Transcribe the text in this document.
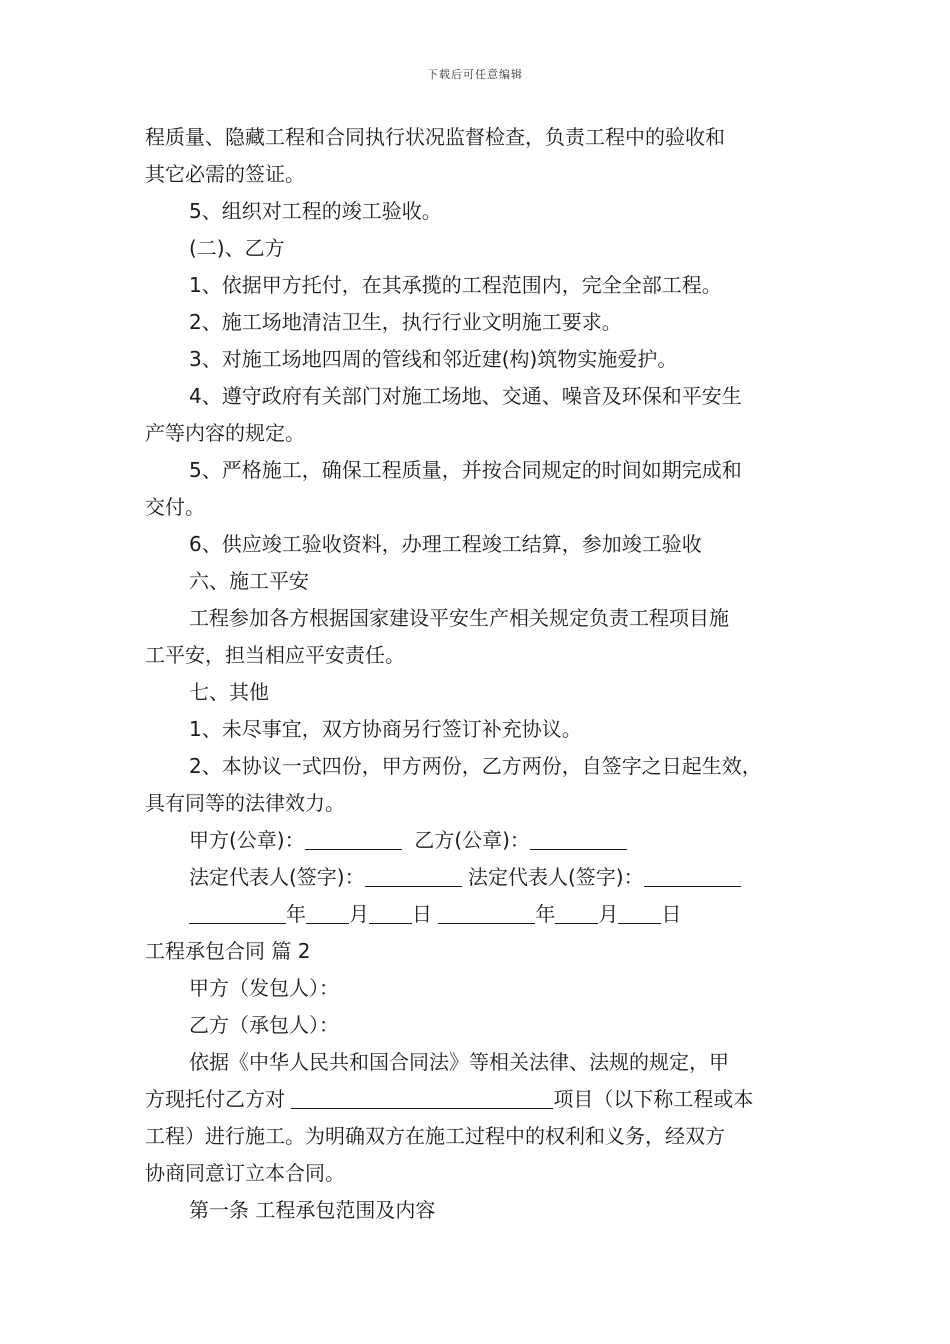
下载后可任意编辑

程质量、隐藏工程和合同执行状况监督检查，负责工程中的验收和

其它必需的签证。

5、组织对工程的竣工验收。

(二)、乙方

1、依据甲方托付，在其承揽的工程范围内，完全全部工程。

2、施工场地清洁卫生，执行行业文明施工要求。

3、对施工场地四周的管线和邻近建(构)筑物实施爱护。

4、遵守政府有关部门对施工场地、交通、噪音及环保和平安生

产等内容的规定。

5、严格施工，确保工程质量，并按合同规定的时间如期完成和

交付。

6、供应竣工验收资料，办理工程竣工结算，参加竣工验收

六、施工平安

工程参加各方根据国家建设平安生产相关规定负责工程项目施

工平安，担当相应平安责任。

七、其他

1、未尽事宜，双方协商另行签订补充协议。

2、本协议一式四份，甲方两份，乙方两份，自签字之日起生效，

具有同等的法律效力。

甲方(公章)：	乙方(公章)：

法定代表人(签字)：	法定代表人(签字)：

年 月 日	年 月 日

工程承包合同 篇 2

甲方（发包人）：

乙方（承包人）：

依据《中华人民共和国合同法》等相关法律、法规的规定，甲

方现托付乙方对	项目（以下称工程或本

工程）进行施工。为明确双方在施工过程中的权利和义务，经双方

协商同意订立本合同。

第一条 工程承包范围及内容
